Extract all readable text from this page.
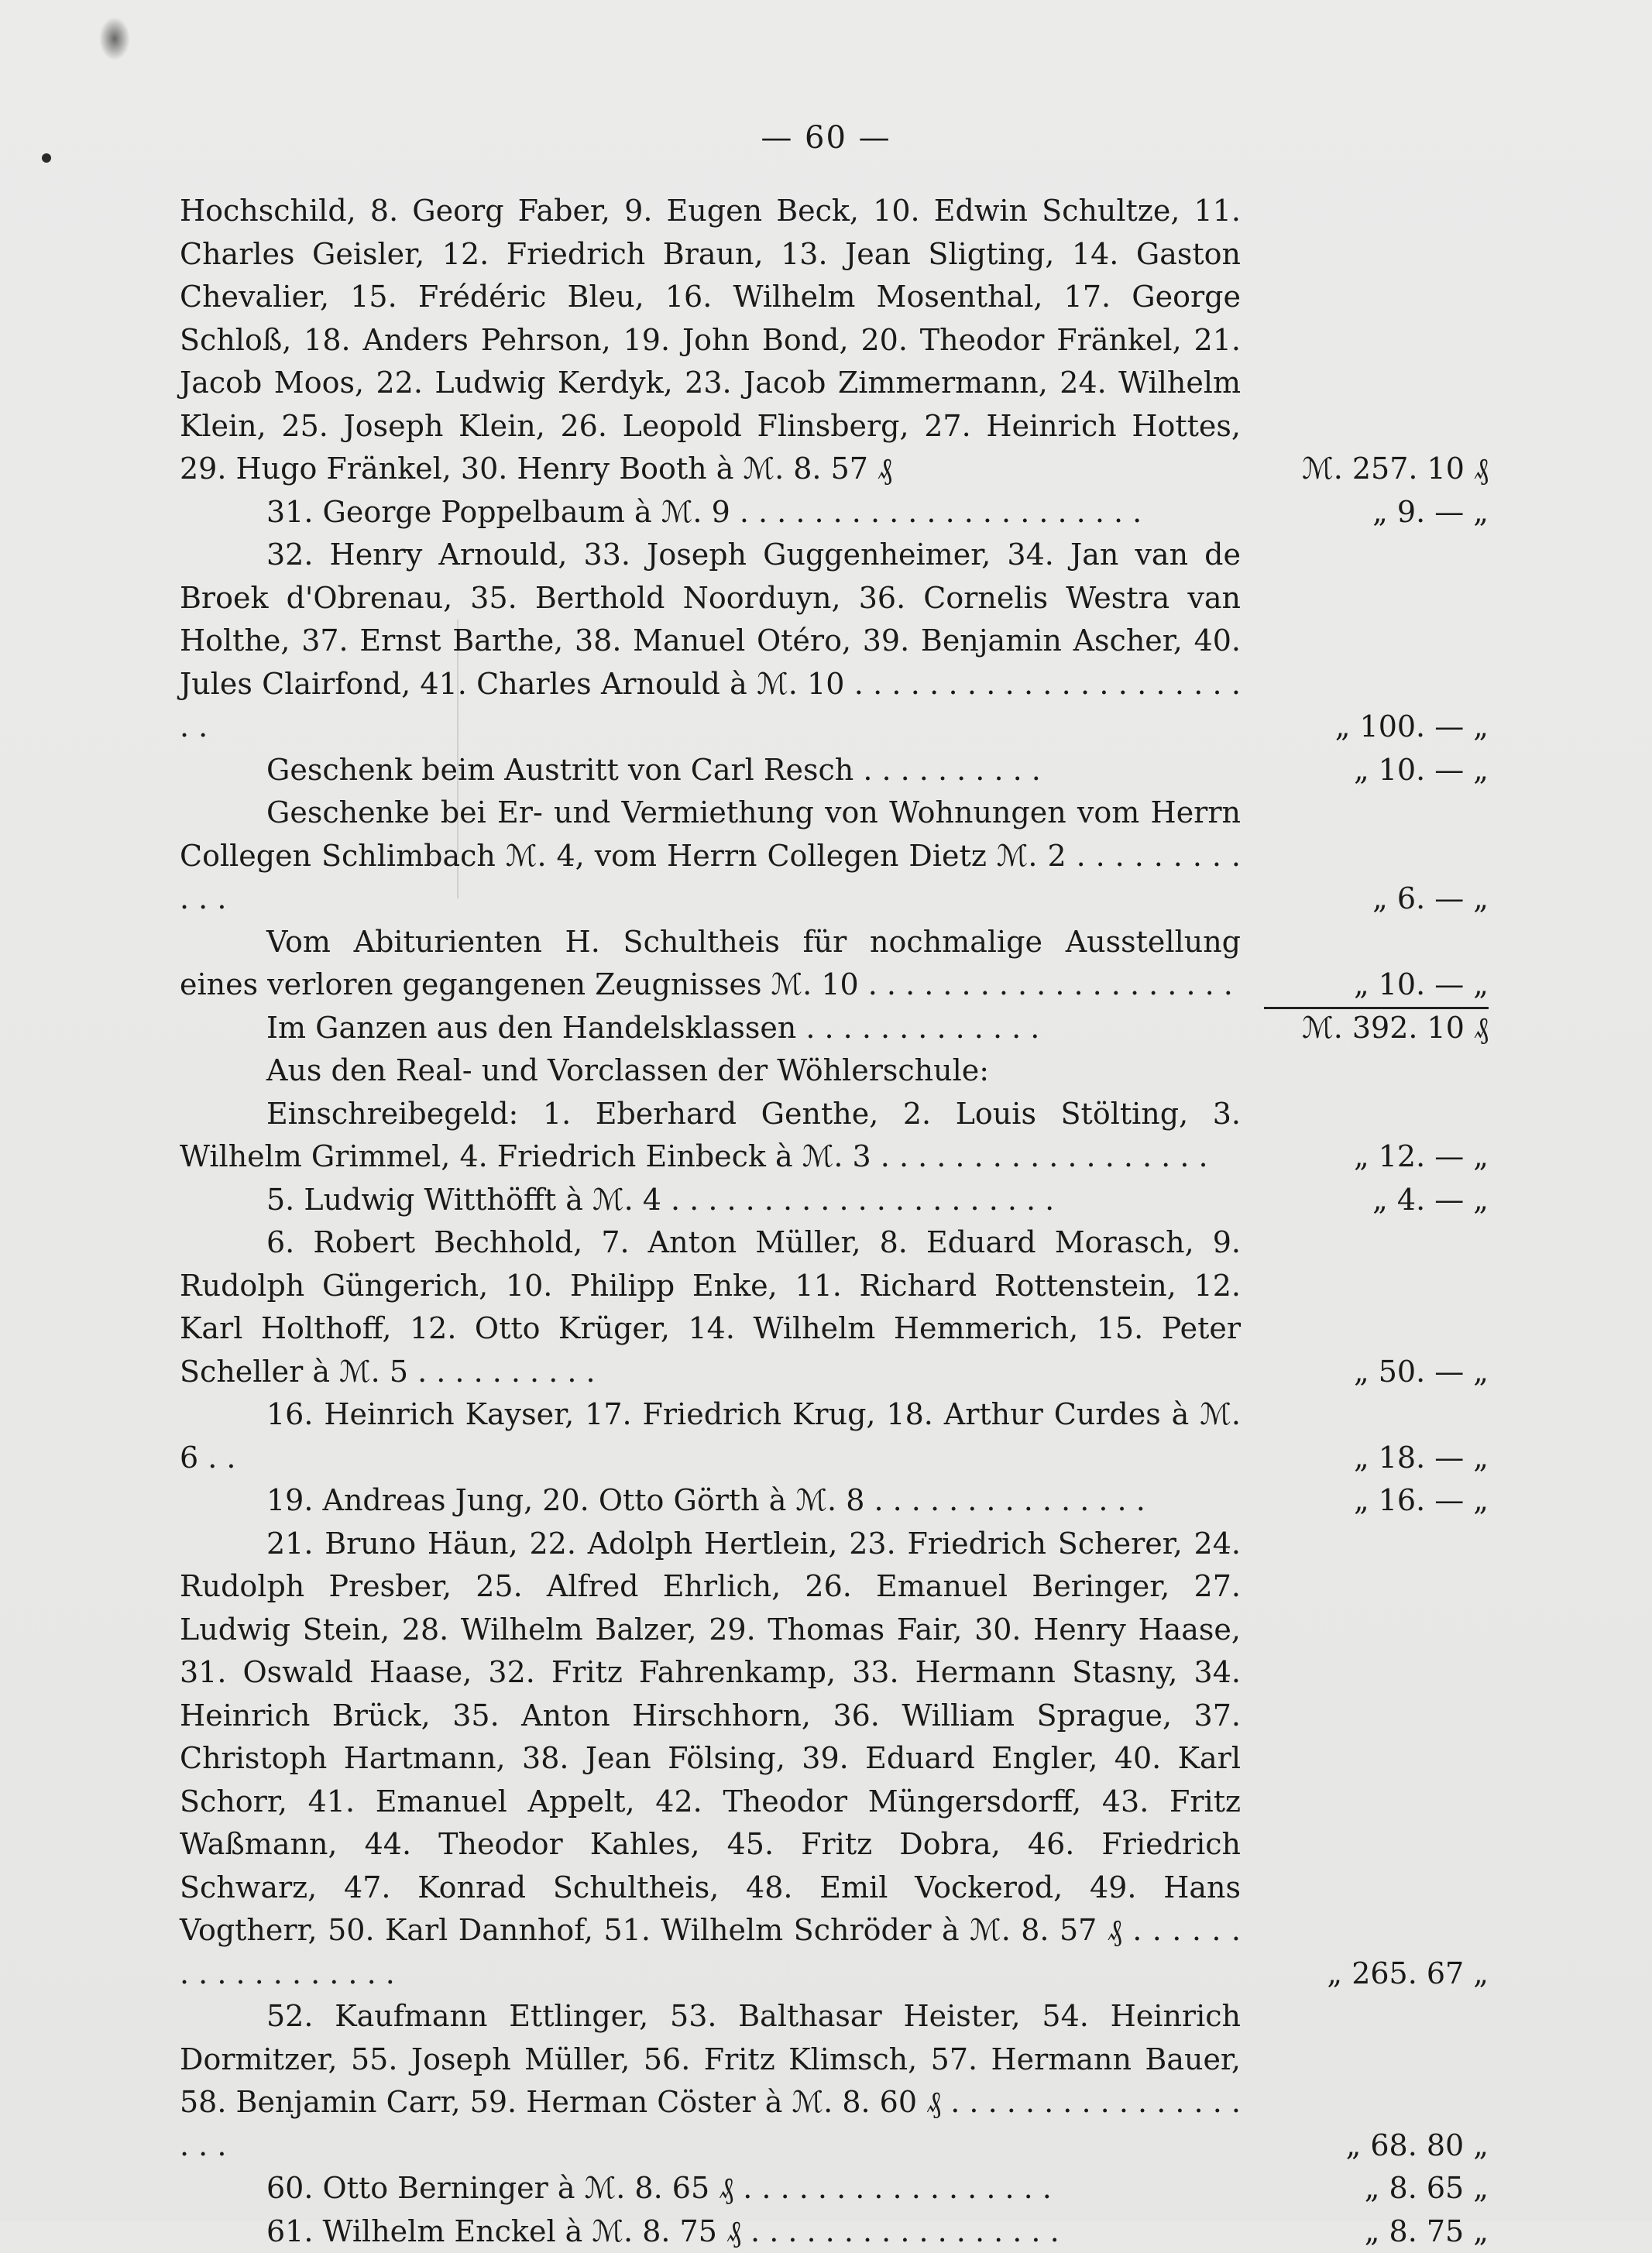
— 60 —

Hochschild, 8. Georg Faber, 9. Eugen Beck, 10. Edwin Schultze, 11. Charles Geisler, 12. Friedrich Braun, 13. Jean Sligting, 14. Gaston Chevalier, 15. Frédéric Bleu, 16. Wilhelm Mosenthal, 17. George Schloß, 18. Anders Pehrson, 19. John Bond, 20. Theodor Fränkel, 21. Jacob Moos, 22. Ludwig Kerdyk, 23. Jacob Zimmermann, 24. Wilhelm Klein, 25. Joseph Klein, 26. Leopold Flinsberg, 27. Heinrich Hottes, 29. Hugo Fränkel, 30. Henry Booth à ℳ. 8. 57 ₰	ℳ. 257. 10 ₰

31. George Poppelbaum à ℳ. 9 . . . . . . . . . . . . . . . . . . . . . .	„ 9. — „

32. Henry Arnould, 33. Joseph Guggenheimer, 34. Jan van de Broek d'Obrenau, 35. Berthold Noorduyn, 36. Cornelis Westra van Holthe, 37. Ernst Barthe, 38. Manuel Otéro, 39. Benjamin Ascher, 40. Jules Clairfond, 41. Charles Arnould à ℳ. 10 . . . . . . . . . . . . . . . . . . . . . . .	„ 100. — „

Geschenk beim Austritt von Carl Resch . . . . . . . . . .	„ 10. — „

Geschenke bei Er- und Vermiethung von Wohnungen vom Herrn Collegen Schlimbach ℳ. 4, vom Herrn Collegen Dietz ℳ. 2 . . . . . . . . . . . .	„ 6. — „

Vom Abiturienten H. Schultheis für nochmalige Ausstellung eines verloren gegangenen Zeugnisses ℳ. 10 . . . . . . . . . . . . . . . . . . . .	„ 10. — „

Im Ganzen aus den Handelsklassen . . . . . . . . . . . . .	ℳ. 392. 10 ₰

Aus den Real- und Vorclassen der Wöhlerschule:

Einschreibegeld: 1. Eberhard Genthe, 2. Louis Stölting, 3. Wilhelm Grimmel, 4. Friedrich Einbeck à ℳ. 3 . . . . . . . . . . . . . . . . . .	„ 12. — „

5. Ludwig Witthöfft à ℳ. 4 . . . . . . . . . . . . . . . . . . . . .	„ 4. — „

6. Robert Bechhold, 7. Anton Müller, 8. Eduard Morasch, 9. Rudolph Güngerich, 10. Philipp Enke, 11. Richard Rottenstein, 12. Karl Holthoff, 12. Otto Krüger, 14. Wilhelm Hemmerich, 15. Peter Scheller à ℳ. 5 . . . . . . . . . .	„ 50. — „

16. Heinrich Kayser, 17. Friedrich Krug, 18. Arthur Curdes à ℳ. 6 . .	„ 18. — „

19. Andreas Jung, 20. Otto Görth à ℳ. 8 . . . . . . . . . . . . . . .	„ 16. — „

21. Bruno Häun, 22. Adolph Hertlein, 23. Friedrich Scherer, 24. Rudolph Presber, 25. Alfred Ehrlich, 26. Emanuel Beringer, 27. Ludwig Stein, 28. Wilhelm Balzer, 29. Thomas Fair, 30. Henry Haase, 31. Oswald Haase, 32. Fritz Fahrenkamp, 33. Hermann Stasny, 34. Heinrich Brück, 35. Anton Hirschhorn, 36. William Sprague, 37. Christoph Hartmann, 38. Jean Fölsing, 39. Eduard Engler, 40. Karl Schorr, 41. Emanuel Appelt, 42. Theodor Müngersdorff, 43. Fritz Waßmann, 44. Theodor Kahles, 45. Fritz Dobra, 46. Friedrich Schwarz, 47. Konrad Schultheis, 48. Emil Vockerod, 49. Hans Vogtherr, 50. Karl Dannhof, 51. Wilhelm Schröder à ℳ. 8. 57 ₰ . . . . . . . . . . . . . . . . . .	„ 265. 67 „

52. Kaufmann Ettlinger, 53. Balthasar Heister, 54. Heinrich Dormitzer, 55. Joseph Müller, 56. Fritz Klimsch, 57. Hermann Bauer, 58. Benjamin Carr, 59. Herman Cöster à ℳ. 8. 60 ₰ . . . . . . . . . . . . . . . . . . .	„ 68. 80 „

60. Otto Berninger à ℳ. 8. 65 ₰ . . . . . . . . . . . . . . . . .	„ 8. 65 „

61. Wilhelm Enckel à ℳ. 8. 75 ₰ . . . . . . . . . . . . . . . . .	„ 8. 75 „
